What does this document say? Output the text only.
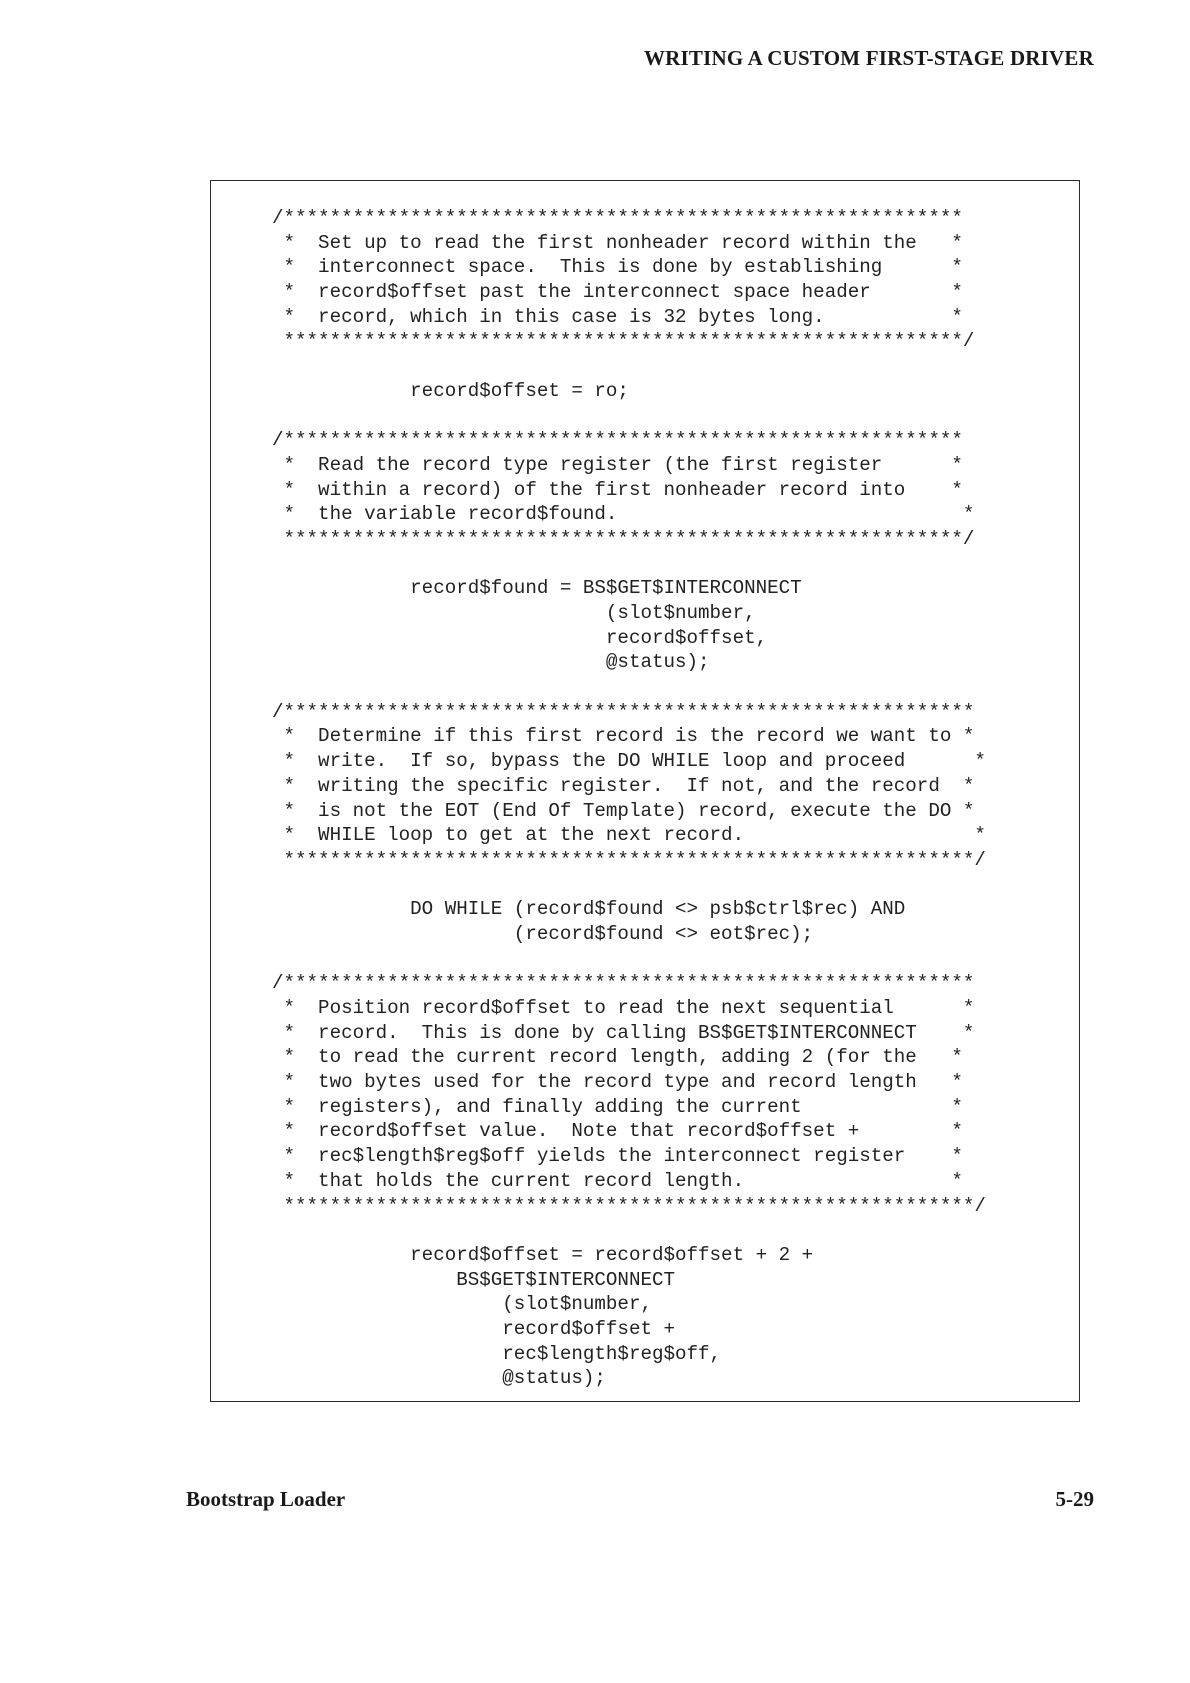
WRITING A CUSTOM FIRST-STAGE DRIVER
/***********************************************************
*  Set up to read the first nonheader record within the   *
*  interconnect space.  This is done by establishing      *
*  record$offset past the interconnect space header       *
*  record, which in this case is 32 bytes long.           *
***********************************************************/
record$offset = ro;
/***********************************************************
*  Read the record type register (the first register      *
*  within a record) of the first nonheader record into    *
*  the variable record$found.                              *
***********************************************************/
record$found = BS$GET$INTERCONNECT
(slot$number,
record$offset,
@status);
/************************************************************
*  Determine if this first record is the record we want to *
*  write.  If so, bypass the DO WHILE loop and proceed      *
*  writing the specific register.  If not, and the record  *
*  is not the EOT (End Of Template) record, execute the DO *
*  WHILE loop to get at the next record.                    *
************************************************************/
DO WHILE (record$found <> psb$ctrl$rec) AND
(record$found <> eot$rec);
/************************************************************
*  Position record$offset to read the next sequential      *
*  record.  This is done by calling BS$GET$INTERCONNECT    *
*  to read the current record length, adding 2 (for the   *
*  two bytes used for the record type and record length   *
*  registers), and finally adding the current             *
*  record$offset value.  Note that record$offset +        *
*  rec$length$reg$off yields the interconnect register    *
*  that holds the current record length.                  *
************************************************************/
record$offset = record$offset + 2 +
BS$GET$INTERCONNECT
(slot$number,
record$offset +
rec$length$reg$off,
@status);
Bootstrap Loader	5-29
